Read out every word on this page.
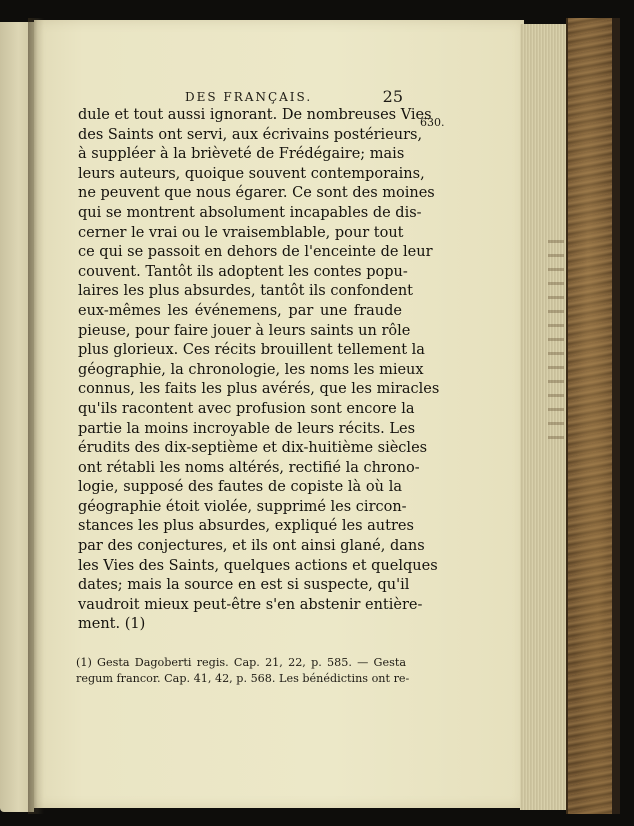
DES FRANÇAIS.	25
630.
dule et tout aussi ignorant. De nombreuses Vies
des Saints ont servi, aux écrivains postérieurs,
à suppléer à la brièveté de Frédégaire; mais
leurs auteurs, quoique souvent contemporains,
ne peuvent que nous égarer. Ce sont des moines
qui se montrent absolument incapables de dis-
cerner le vrai ou le vraisemblable, pour tout
ce qui se passoit en dehors de l'enceinte de leur
couvent. Tantôt ils adoptent les contes popu-
laires les plus absurdes, tantôt ils confondent
eux-mêmes les événemens, par une fraude
pieuse, pour faire jouer à leurs saints un rôle
plus glorieux. Ces récits brouillent tellement la
géographie, la chronologie, les noms les mieux
connus, les faits les plus avérés, que les miracles
qu'ils racontent avec profusion sont encore la
partie la moins incroyable de leurs récits. Les
érudits des dix-septième et dix-huitième siècles
ont rétabli les noms altérés, rectifié la chrono-
logie, supposé des fautes de copiste là où la
géographie étoit violée, supprimé les circon-
stances les plus absurdes, expliqué les autres
par des conjectures, et ils ont ainsi glané, dans
les Vies des Saints, quelques actions et quelques
dates; mais la source en est si suspecte, qu'il
vaudroit mieux peut-être s'en abstenir entière-
ment. (1)
(1) Gesta Dagoberti regis. Cap. 21, 22, p. 585. — Gesta
regum francor. Cap. 41, 42, p. 568. Les bénédictins ont re-
